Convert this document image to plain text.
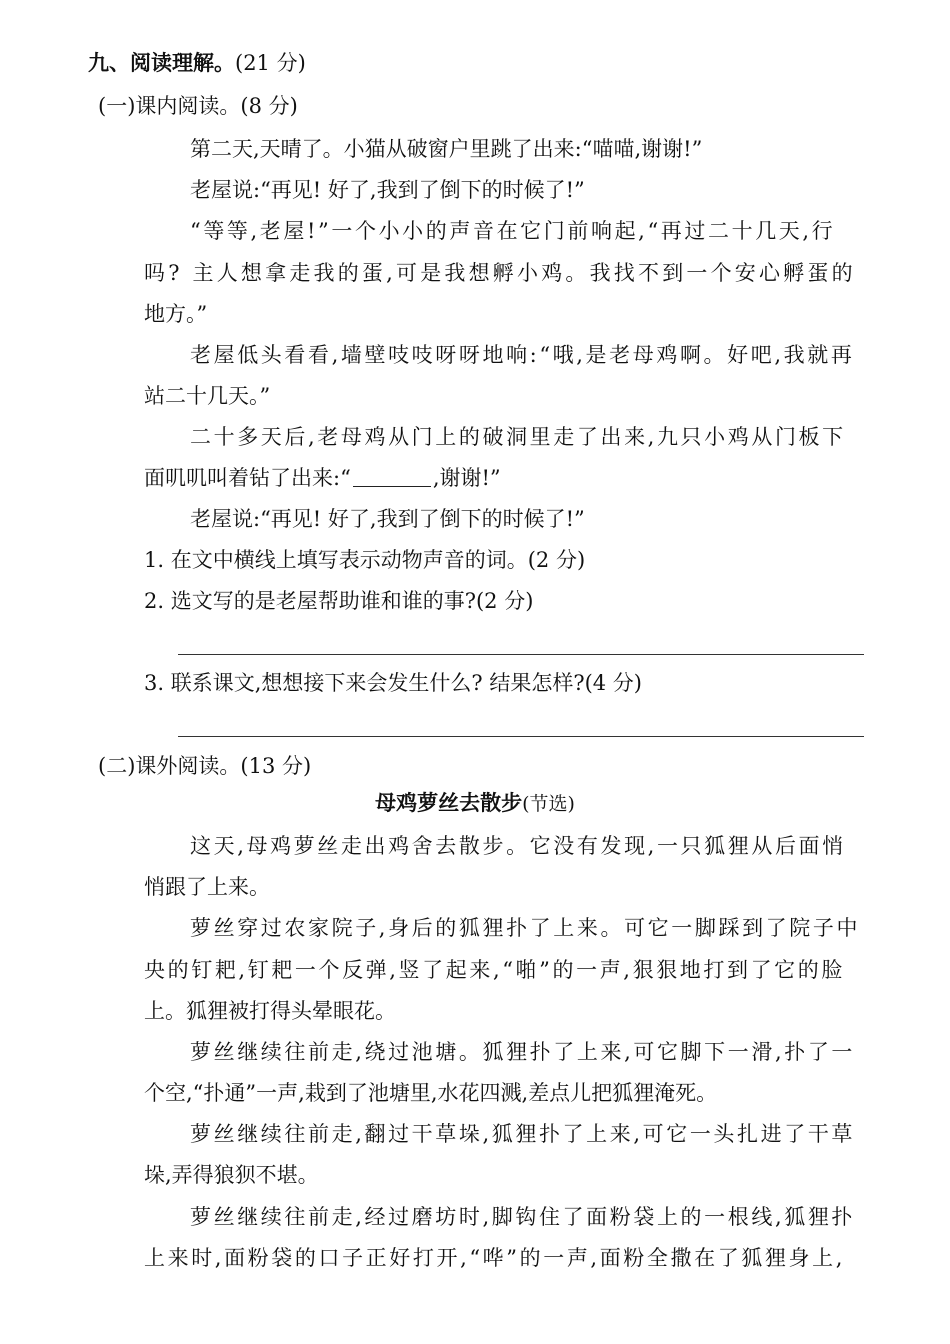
九、阅读理解。(21 分)
(一)课内阅读。(8 分)
第二天,天晴了。小猫从破窗户里跳了出来:“喵喵,谢谢!”
老屋说:“再见! 好了,我到了倒下的时候了!”
“等等,老屋!”一个小小的声音在它门前响起,“再过二十几天,行
吗? 主人想拿走我的蛋,可是我想孵小鸡。我找不到一个安心孵蛋的
地方。”
老屋低头看看,墙壁吱吱呀呀地响:“哦,是老母鸡啊。好吧,我就再
站二十几天。”
二十多天后,老母鸡从门上的破洞里走了出来,九只小鸡从门板下
面叽叽叫着钻了出来:“	,谢谢!”
老屋说:“再见! 好了,我到了倒下的时候了!”
1. 在文中横线上填写表示动物声音的词。(2 分)
2. 选文写的是老屋帮助谁和谁的事?(2 分)
3. 联系课文,想想接下来会发生什么? 结果怎样?(4 分)
(二)课外阅读。(13 分)
母鸡萝丝去散步(节选)
这天,母鸡萝丝走出鸡舍去散步。它没有发现,一只狐狸从后面悄
悄跟了上来。
萝丝穿过农家院子,身后的狐狸扑了上来。可它一脚踩到了院子中
央的钉耙,钉耙一个反弹,竖了起来,“啪”的一声,狠狠地打到了它的脸
上。狐狸被打得头晕眼花。
萝丝继续往前走,绕过池塘。狐狸扑了上来,可它脚下一滑,扑了一
个空,“扑通”一声,栽到了池塘里,水花四溅,差点儿把狐狸淹死。
萝丝继续往前走,翻过干草垛,狐狸扑了上来,可它一头扎进了干草
垛,弄得狼狈不堪。
萝丝继续往前走,经过磨坊时,脚钩住了面粉袋上的一根线,狐狸扑
上来时,面粉袋的口子正好打开,“哗”的一声,面粉全撒在了狐狸身上,
